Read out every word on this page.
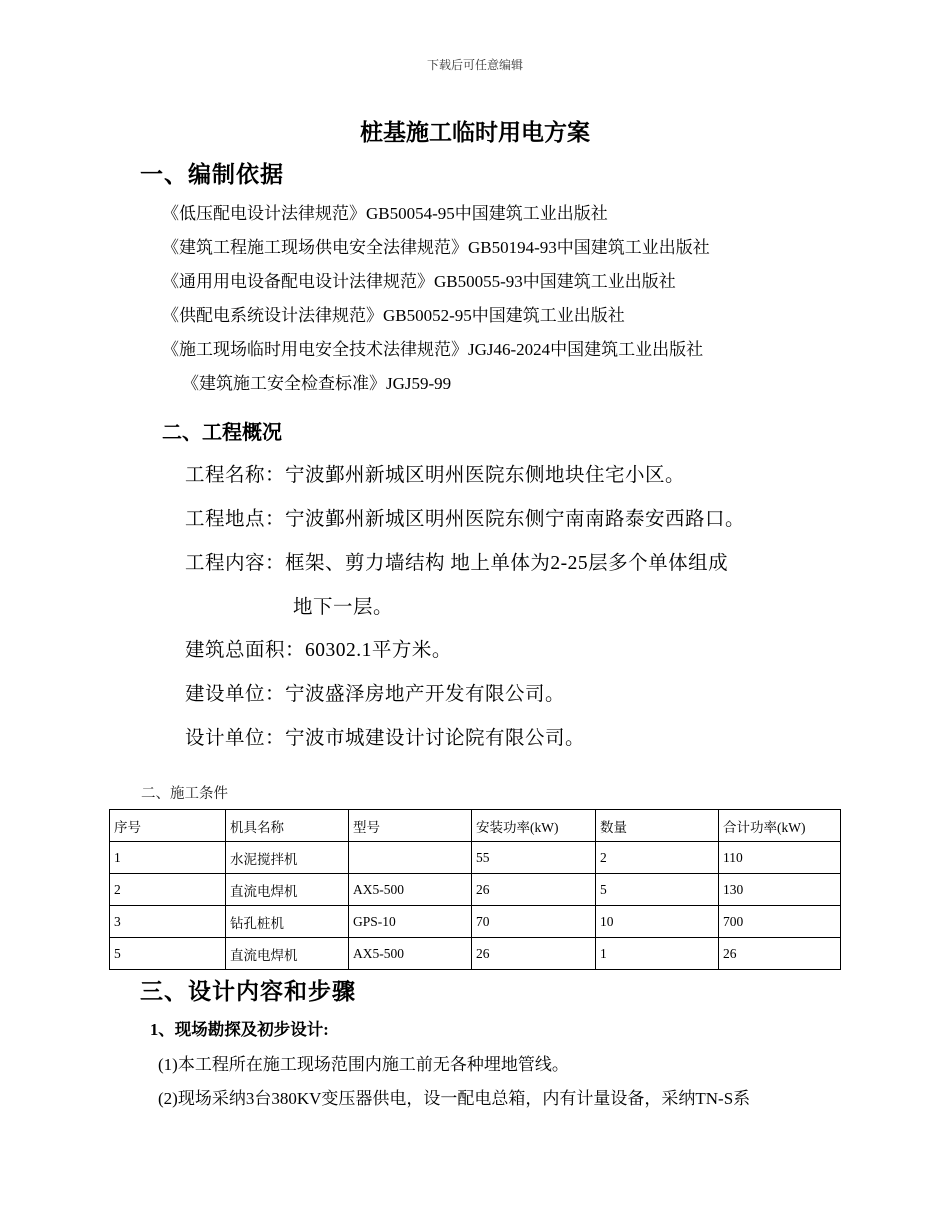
下载后可任意编辑
桩基施工临时用电方案
一、编制依据
《低压配电设计法律规范》GB50054-95中国建筑工业出版社
《建筑工程施工现场供电安全法律规范》GB50194-93中国建筑工业出版社
《通用用电设备配电设计法律规范》GB50055-93中国建筑工业出版社
《供配电系统设计法律规范》GB50052-95中国建筑工业出版社
《施工现场临时用电安全技术法律规范》JGJ46-2024中国建筑工业出版社
《建筑施工安全检查标准》JGJ59-99
二、工程概况
工程名称：宁波鄞州新城区明州医院东侧地块住宅小区。
工程地点：宁波鄞州新城区明州医院东侧宁南南路泰安西路口。
工程内容：框架、剪力墙结构 地上单体为2-25层多个单体组成
地下一层。
建筑总面积：60302.1平方米。
建设单位：宁波盛泽房地产开发有限公司。
设计单位：宁波市城建设计讨论院有限公司。
二、施工条件
序号	机具名称	型号	安装功率(kW)	数量	合计功率(kW)
1	水泥搅拌机		55	2	110
2	直流电焊机	AX5-500	26	5	130
3	钻孔桩机	GPS-10	70	10	700
5	直流电焊机	AX5-500	26	1	26
三、设计内容和步骤
1、现场勘探及初步设计:
(1)本工程所在施工现场范围内施工前无各种埋地管线。
(2)现场采纳3台380KV变压器供电，设一配电总箱，内有计量设备，采纳TN-S系
